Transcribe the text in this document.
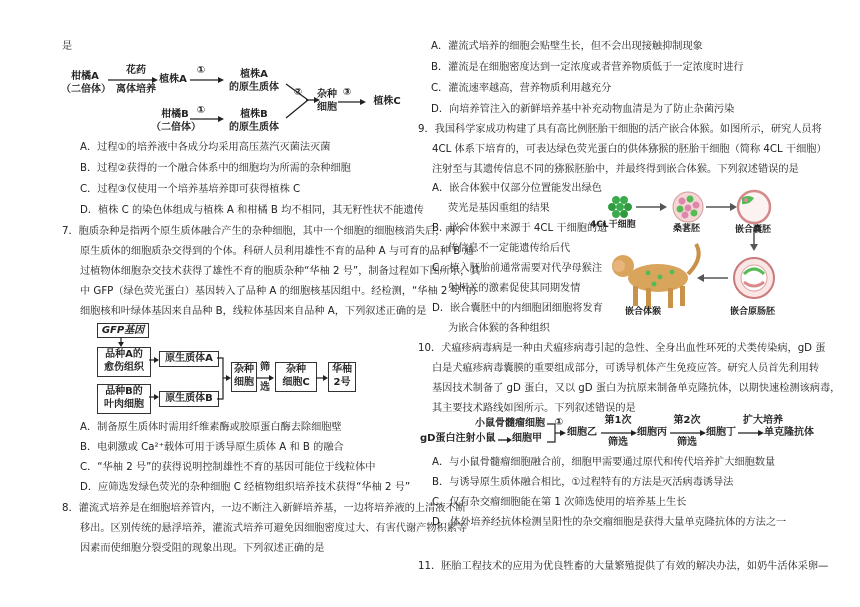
是
柑橘A
（二倍体）
花药
离体培养
植株A
①	植株A
的原生质体
柑橘B
（二倍体）
①	植株B
的原生质体
②	杂种
细胞
③
植株C
A．过程①的培养液中各成分均采用高压蒸汽灭菌法灭菌
B．过程②获得的一个融合体系中的细胞均为所需的杂种细胞
C．过程③仅使用一个培养基培养即可获得植株 C
D．植株 C 的染色体组成与植株 A 和柑橘 B 均不相同，其无籽性状不能遗传
7．胞质杂种是指两个原生质体融合产生的杂种细胞，其中一个细胞的细胞核消失后，两个
原生质体的细胞质杂交得到的个体。科研人员利用雄性不育的品种 A 与可育的品种 B 通
过植物体细胞杂交技术获得了雄性不育的胞质杂种“华柚 2 号”，制备过程如下图所示，其
中 GFP（绿色荧光蛋白）基因转入了品种 A 的细胞核基因组中。经检测，“华柚 2 号”的
细胞核和叶绿体基因来自品种 B，线粒体基因来自品种 A，下列叙述正确的是
GFP基因
品种A的
愈伤组织
原生质体A
品种B的
叶肉细胞
原生质体B
杂种
细胞
筛
选
杂种
细胞C
华柚
2号
A．制备原生质体时需用纤维素酶或胶原蛋白酶去除细胞壁
B．电刺激或 Ca²⁺载体可用于诱导原生质体 A 和 B 的融合
C．“华柚 2 号”的获得说明控制雄性不育的基因可能位于线粒体中
D．应筛选发绿色荧光的杂种细胞 C 经植物组织培养技术获得“华柚 2 号”
8．灌流式培养是在细胞培养管内，一边不断注入新鲜培养基，一边将培养液的上清液不断
移出。区别传统的悬浮培养，灌流式培养可避免因细胞密度过大、有害代谢产物积累等
因素而使细胞分裂受阻的现象出现。下列叙述正确的是
A．灌流式培养的细胞会贴壁生长，但不会出现接触抑制现象
B．灌流是在细胞密度达到一定浓度或者营养物质低于一定浓度时进行
C．灌流速率越高，营养物质利用越充分
D．向培养管注入的新鲜培养基中补充动物血清是为了防止杂菌污染
9．我国科学家成功构建了具有高比例胚胎干细胞的活产嵌合体猴。如图所示，研究人员将
4CL 体系下培育的，可表达绿色荧光蛋白的供体猕猴的胚胎干细胞（简称 4CL 干细胞）
注射至与其遗传信息不同的猕猴胚胎中，并最终得到嵌合体猴。下列叙述错误的是
A．嵌合体猴中仅部分位置能发出绿色
荧光是基因重组的结果
B．嵌合体猴中来源于 4CL 干细胞的遗
传信息不一定能遗传给后代
C．植入胚胎前通常需要对代孕母猴注
射相关的激素促使其同期发情
D．嵌合囊胚中的内细胞团细胞将发育
为嵌合体猴的各种组织
4CL干细胞	桑葚胚	嵌合囊胚
嵌合体猴	嵌合原肠胚
10．犬瘟疹病毒病是一种由犬瘟疹病毒引起的急性、全身出血性环死的犬类传染病，gD 蛋
白是犬瘟疹病毒囊膜的重要组成部分，可诱导机体产生免疫应答。研究人员首先利用转
基因技术制备了 gD 蛋白，又以 gD 蛋白为抗原来制备单克隆抗体，以期快速检测该病毒，
其主要技术路线如图所示。下列叙述错误的是
小鼠骨髓瘤细胞
gD蛋白注射小鼠	细胞甲
①
细胞乙
第1次
筛选
细胞丙
第2次
筛选
细胞丁
扩大培养
单克隆抗体
A．与小鼠骨髓瘤细胞融合前，细胞甲需要通过原代和传代培养扩大细胞数量
B．与诱导原生质体融合相比，①过程特有的方法是灭活病毒诱导法
C．仅有杂交瘤细胞能在第 1 次筛选使用的培养基上生长
D．体外培养经抗体检测呈阳性的杂交瘤细胞是获得大量单克隆抗体的方法之一
11．胚胎工程技术的应用为优良牲畜的大量繁殖提供了有效的解决办法，如奶牛活体采卵—
